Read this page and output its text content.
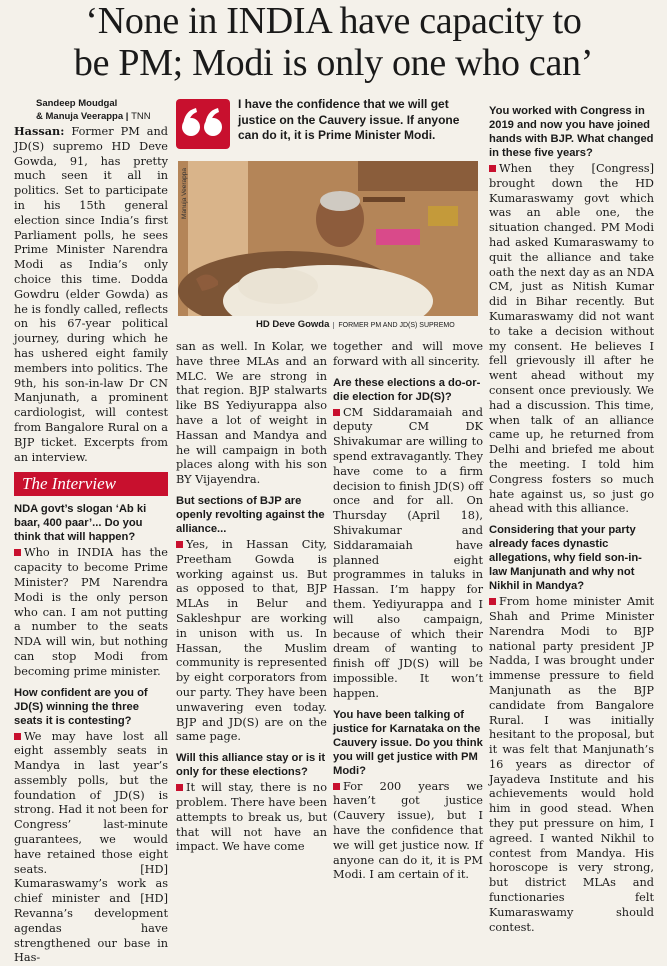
‘None in INDIA have capacity to
be PM; Modi is only one who can’
Sandeep Moudgal
& Manuja Veerappa | TNN

Hassan: Former PM and JD(S) supremo HD Deve Gowda, 91, has pretty much seen it all in politics. Set to participate in his 15th general election since India’s first Parliament polls, he sees Prime Minister Narendra Modi as India’s only choice this time. Dodda Gowdru (elder Gowda) as he is fondly called, reflects on his 67-year political journey, during which he has ushered eight family members into politics. The 9th, his son-in-law Dr CN Manjunath, a prominent cardiologist, will contest from Bangalore Rural on a BJP ticket. Excerpts from an interview.

The Interview
NDA govt’s slogan ‘Ab ki baar, 400 paar’... Do you think that will happen?

Who in INDIA has the capacity to become Prime Minister? PM Narendra Modi is the only person who can. I am not putting a number to the seats NDA will win, but nothing can stop Modi from becoming prime minister.

How confident are you of JD(S) winning the three seats it is contesting?

We may have lost all eight assembly seats in Mandya in last year’s assembly polls, but the foundation of JD(S) is strong. Had it not been for Congress’ last-minute guarantees, we would have retained those eight seats. [HD] Kumaraswamy’s work as chief minister and [HD] Revanna’s development agendas have strengthened our base in Has-

I have the confidence that we will get justice on the Cauvery issue. If anyone can do it, it is Prime Minister Modi.
Manuja Veerappa
HD Deve Gowda FORMER PM AND JD(S) SUPREMO

san as well. In Kolar, we have three MLAs and an MLC. We are strong in that region. BJP stalwarts like BS Yediyurappa also have a lot of weight in Hassan and Mandya and he will campaign in both places along with his son BY Vijayendra.

But sections of BJP are openly revolting against the alliance...

Yes, in Hassan City, Preetham Gowda is working against us. But as opposed to that, BJP MLAs in Belur and Sakleshpur are working in unison with us. In Hassan, the Muslim community is represented by eight corporators from our party. They have been unwavering even today. BJP and JD(S) are on the same page.

Will this alliance stay or is it only for these elections?

It will stay, there is no problem. There have been attempts to break us, but that will not have an impact. We have come

together and will move forward with all sincerity.

Are these elections a do-or-die election for JD(S)?

CM Siddaramaiah and deputy CM DK Shivakumar are willing to spend extravagantly. They have come to a firm decision to finish JD(S) off once and for all. On Thursday (April 18), Shivakumar and Siddaramaiah have planned eight programmes in taluks in Hassan. I’m happy for them. Yediyurappa and I will also campaign, because of which their dream of wanting to finish off JD(S) will be impossible. It won’t happen.

You have been talking of justice for Karnataka on the Cauvery issue. Do you think you will get justice with PM Modi?

For 200 years we haven’t got justice (Cauvery issue), but I have the confidence that we will get justice now. If anyone can do it, it is PM Modi. I am certain of it.

You worked with Congress in 2019 and now you have joined hands with BJP. What changed in these five years?

When they [Congress] brought down the HD Kumaraswamy govt which was an able one, the situation changed. PM Modi had asked Kumaraswamy to quit the alliance and take oath the next day as an NDA CM, just as Nitish Kumar did in Bihar recently. But Kumaraswamy did not want to take a decision without my consent. He believes I fell grievously ill after he went ahead without my consent once previously. We had a discussion. This time, when talk of an alliance came up, he returned from Delhi and briefed me about the meeting. I told him Congress fosters so much hate against us, so just go ahead with this alliance.

Considering that your party already faces dynastic allegations, why field son-in-law Manjunath and why not Nikhil in Mandya?

From home minister Amit Shah and Prime Minister Narendra Modi to BJP national party president JP Nadda, I was brought under immense pressure to field Manjunath as the BJP candidate from Bangalore Rural. I was initially hesitant to the proposal, but it was felt that Manjunath’s 16 years as director of Jayadeva Institute and his achievements would hold him in good stead. When they put pressure on him, I agreed. I wanted Nikhil to contest from Mandya. His horoscope is very strong, but district MLAs and functionaries felt Kumaraswamy should contest.
